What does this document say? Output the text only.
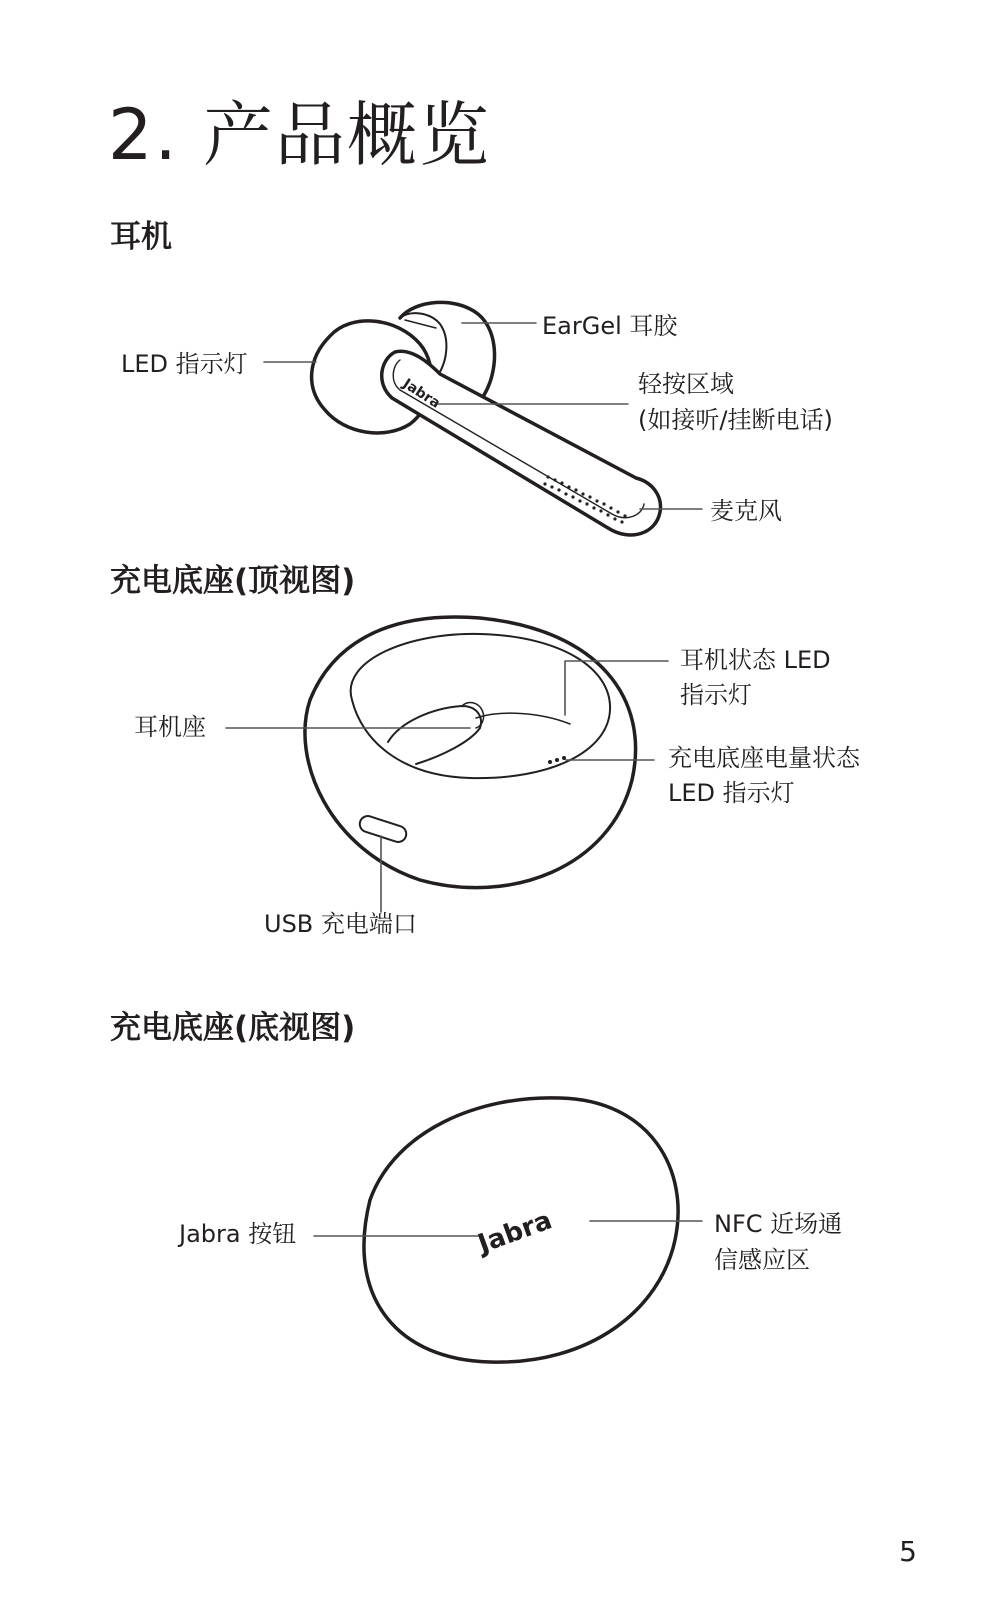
2. 产品概览
耳机
充电底座(顶视图)
充电底座(底视图)
Jabra
Jabra
LED 指示灯
EarGel 耳胶
轻按区域
(如接听/挂断电话)
麦克风
耳机座
耳机状态 LED
指示灯
充电底座电量状态
LED 指示灯
USB 充电端口
Jabra 按钮	NFC 近场通
信感应区
5
